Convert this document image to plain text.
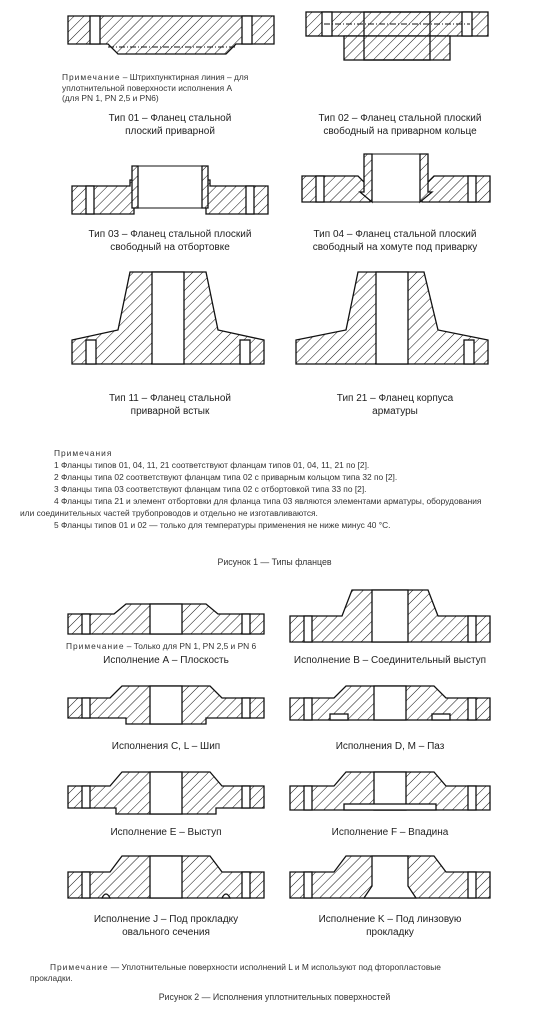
Примечание – Штрихпунктирная линия – для
уплотнительной поверхности исполнения А
(для PN 1, PN 2,5 и PN6)
Тип 01 – Фланец стальной
плоский приварной
Тип 02 – Фланец стальной плоский
свободный на приварном кольце
Тип 03 – Фланец стальной плоский
свободный на отбортовке
Тип 04 – Фланец стальной плоский
свободный на хомуте под приварку
Тип 11 – Фланец стальной
приварной встык
Тип 21 – Фланец корпуса
арматуры
Примечания
1 Фланцы типов 01, 04, 11, 21 соответствуют фланцам типов 01, 04, 11, 21 по [2].
2 Фланцы типа 02 соответствуют фланцам типа 02 с приварным кольцом типа 32 по [2].
3 Фланцы типа 03 соответствуют фланцам типа 02 с отбортовкой типа 33 по [2].
4 Фланцы типа 21 и элемент отбортовки для фланца типа 03 являются элементами арматуры, оборудования
или соединительных частей трубопроводов и отдельно не изготавливаются.
5 Фланцы типов 01 и 02 — только для температуры применения не ниже минус 40 °С.
Рисунок 1 — Типы фланцев
Примечание – Только для PN 1, PN 2,5 и PN 6
Исполнение А – Плоскость	Исполнение В – Соединительный выступ
Исполнения С, L – Шип	Исполнения D, M – Паз
Исполнение E – Выступ	Исполнение F – Впадина
Исполнение J – Под прокладку
овального сечения
Исполнение K – Под линзовую
прокладку
Примечание — Уплотнительные поверхности исполнений L и M используют под фторопластовые
прокладки.
Рисунок 2 — Исполнения уплотнительных поверхностей
